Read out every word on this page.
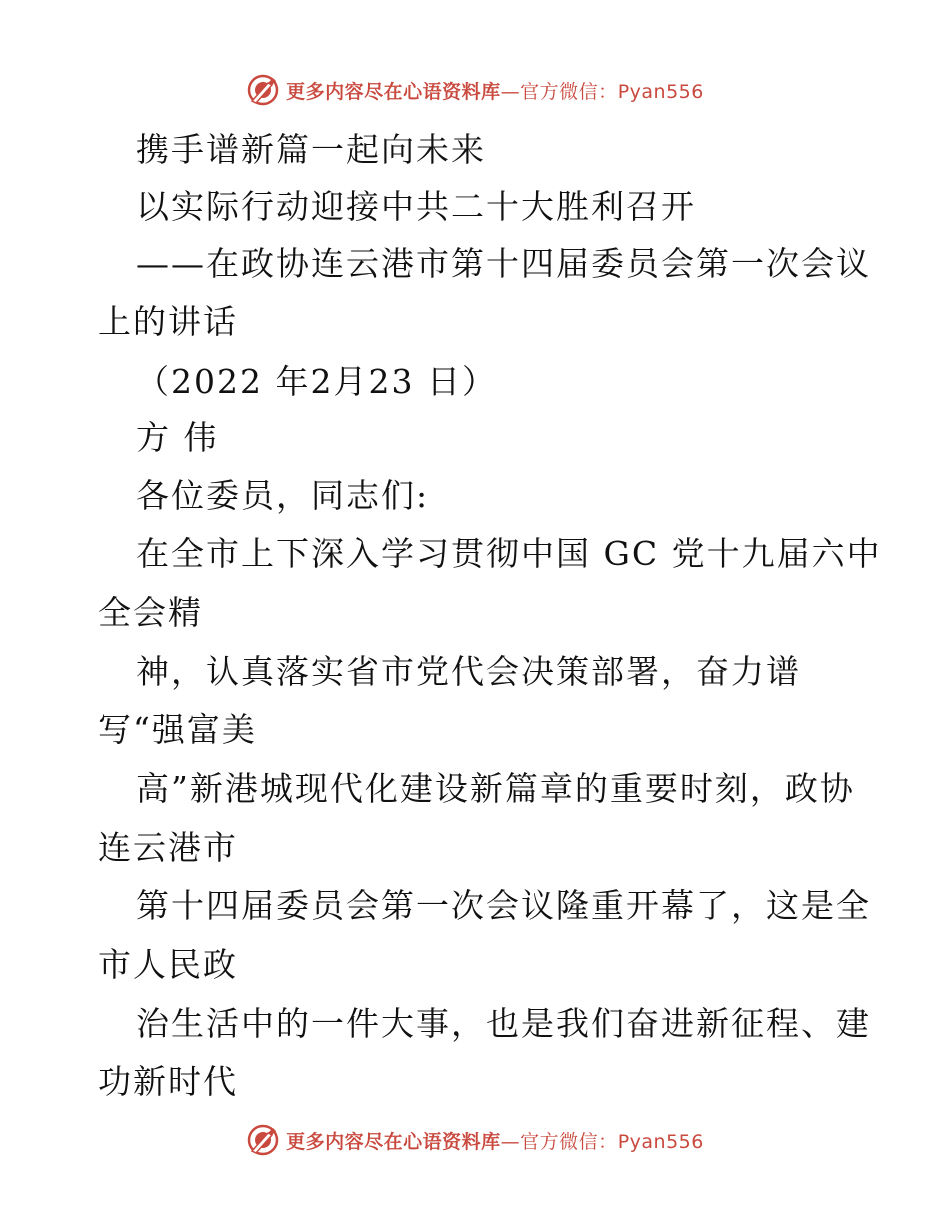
更多内容尽在心语资料库—官方微信：Pyan556
携手谱新篇一起向未来
以实际行动迎接中共二十大胜利召开
——在政协连云港市第十四届委员会第一次会议
上的讲话
（2022 年2月23 日）
方 伟
各位委员，同志们:
在全市上下深入学习贯彻中国 GC 党十九届六中
全会精
神，认真落实省市党代会决策部署，奋力谱
写“强富美
高”新港城现代化建设新篇章的重要时刻，政协
连云港市
第十四届委员会第一次会议隆重开幕了，这是全
市人民政
治生活中的一件大事，也是我们奋进新征程、建
功新时代
更多内容尽在心语资料库—官方微信：Pyan556
